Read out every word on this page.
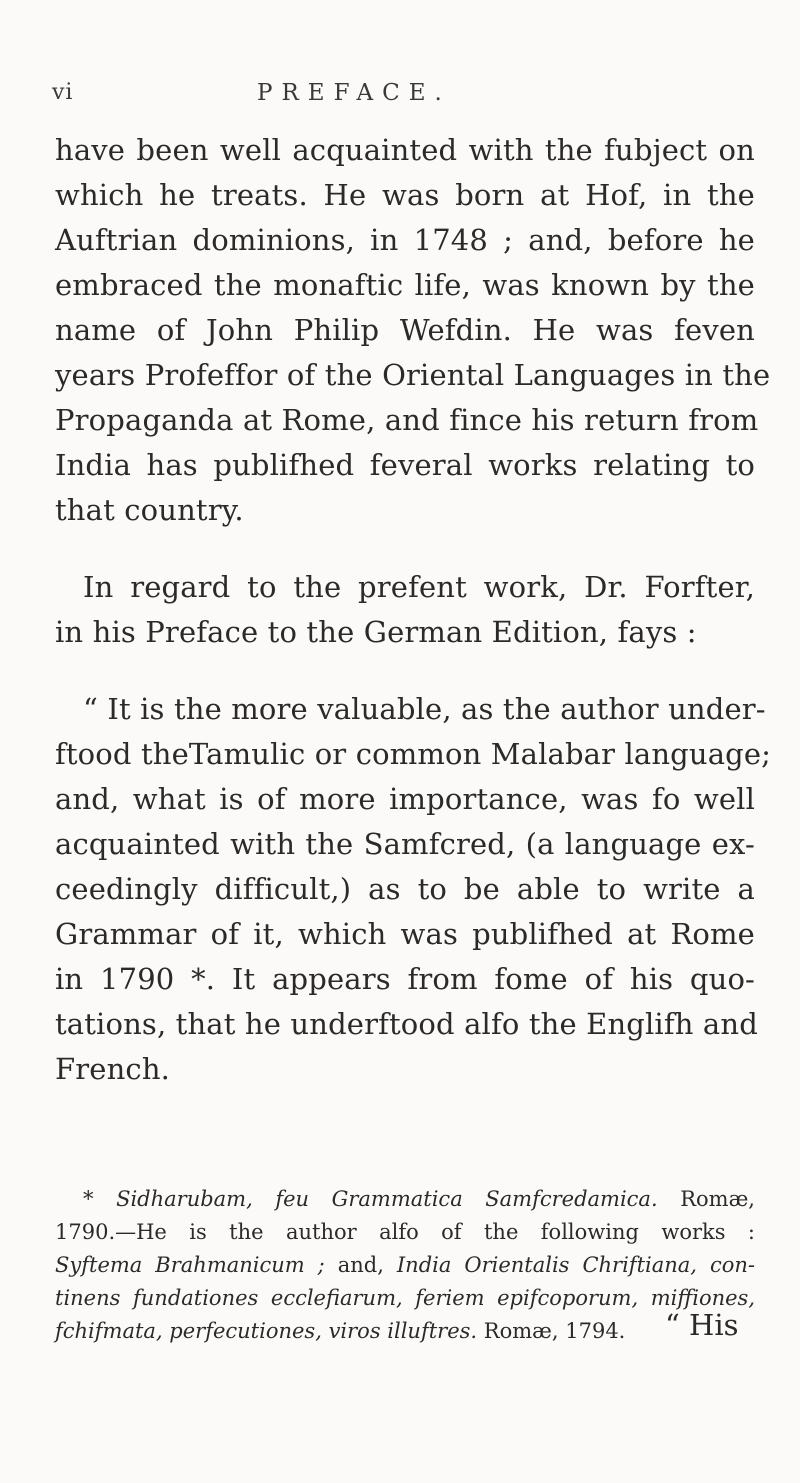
vi	PREFACE.
have been well acquainted with the fubject on
which he treats. He was born at Hof, in the
Auftrian dominions, in 1748 ; and, before he
embraced the monaftic life, was known by the
name of John Philip Wefdin. He was feven
years Profeffor of the Oriental Languages in the
Propaganda at Rome, and fince his return from
India has publifhed feveral works relating to
that country.
In regard to the prefent work, Dr. Forfter,
in his Preface to the German Edition, fays :
“ It is the more valuable, as the author under-
ftood theTamulic or common Malabar language;
and, what is of more importance, was fo well
acquainted with the Samfcred, (a language ex-
ceedingly difficult,) as to be able to write a
Grammar of it, which was publifhed at Rome
in 1790 *. It appears from fome of his quo-
tations, that he underftood alfo the Englifh and
French.
* Sidharubam, feu Grammatica Samfcredamica. Romæ,
1790.—He is the author alfo of the following works :
Syftema Brahmanicum ; and, India Orientalis Chriftiana, con-
tinens fundationes ecclefiarum, feriem epifcoporum, miffiones,
fchifmata, perfecutiones, viros illuftres. Romæ, 1794.	“ His
